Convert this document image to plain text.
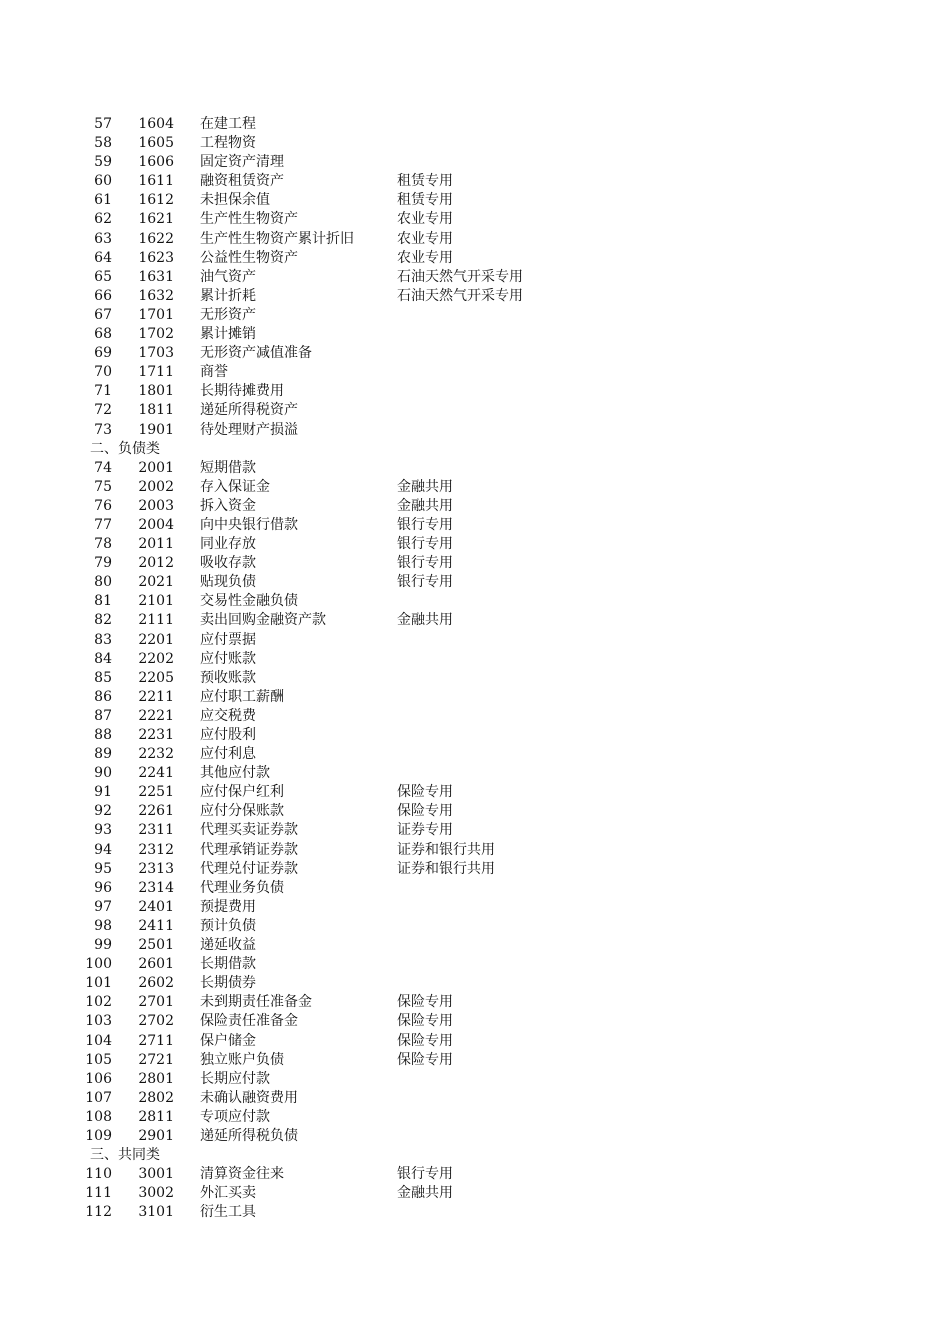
57 1604 在建工程
58 1605 工程物资
59 1606 固定资产清理
60 1611 融资租赁资产	租赁专用
61 1612 未担保余值	租赁专用
62 1621 生产性生物资产	农业专用
63 1622 生产性生物资产累计折旧	农业专用
64 1623 公益性生物资产	农业专用
65 1631 油气资产	石油天然气开采专用
66 1632 累计折耗	石油天然气开采专用
67 1701 无形资产
68 1702 累计摊销
69 1703 无形资产减值准备
70 1711 商誉
71 1801 长期待摊费用
72 1811 递延所得税资产
73 1901 待处理财产损溢
二、负债类
74 2001 短期借款
75 2002 存入保证金	金融共用
76 2003 拆入资金	金融共用
77 2004 向中央银行借款	银行专用
78 2011 同业存放	银行专用
79 2012 吸收存款	银行专用
80 2021 贴现负债	银行专用
81 2101 交易性金融负债
82 2111 卖出回购金融资产款	金融共用
83 2201 应付票据
84 2202 应付账款
85 2205 预收账款
86 2211 应付职工薪酬
87 2221 应交税费
88 2231 应付股利
89 2232 应付利息
90 2241 其他应付款
91 2251 应付保户红利	保险专用
92 2261 应付分保账款	保险专用
93 2311 代理买卖证券款	证券专用
94 2312 代理承销证券款	证券和银行共用
95 2313 代理兑付证券款	证券和银行共用
96 2314 代理业务负债
97 2401 预提费用
98 2411 预计负债
99 2501 递延收益
100 2601 长期借款
101 2602 长期债券
102 2701 未到期责任准备金	保险专用
103 2702 保险责任准备金	保险专用
104 2711 保户储金	保险专用
105 2721 独立账户负债	保险专用
106 2801 长期应付款
107 2802 未确认融资费用
108 2811 专项应付款
109 2901 递延所得税负债
三、共同类
110 3001 清算资金往来	银行专用
111 3002 外汇买卖	金融共用
112 3101 衍生工具
